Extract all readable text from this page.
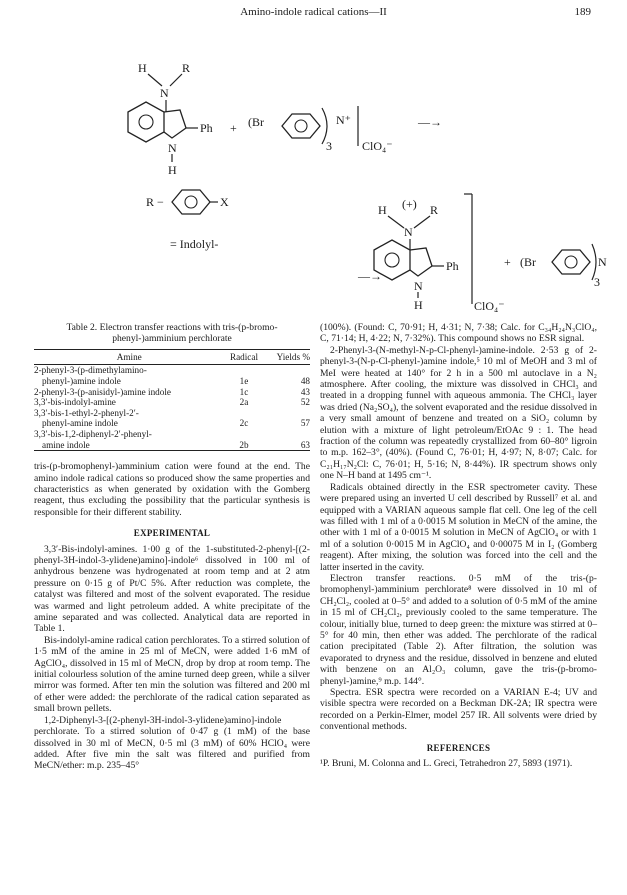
Amino-indole radical cations—II	189
H	R
N
Ph
N
H
+ (Br
3
N⁺
ClO₄⁻
—→
R −	X
= Indolyl-
—→
H (+) R
N
Ph
N
H	ClO₄⁻
+ (Br
3
N
Table 2. Electron transfer reactions with tris-(p-bromo-
phenyl-)amminium perchlorate
Amine	Radical	Yields %
2-phenyl-3-(p-dimethylamino-		
phenyl-)amine indole	1e	48
2-phenyl-3-(p-anisidyl-)amine indole	1c	43
3,3′-bis-indolyl-amine	2a	52
3,3′-bis-1-ethyl-2-phenyl-2′-		
phenyl-amine indole	2c	57
3,3′-bis-1,2-diphenyl-2′-phenyl-		
amine indole	2b	63

tris-(p-bromophenyl-)amminium cation were found at the end. The amino indole radical cations so produced show the same properties and characteristics as when generated by oxidation with the Gomberg reagent, thus excluding the possibility that the particular synthesis is responsible for their different stability.

EXPERIMENTAL

3,3′-Bis-indolyl-amines. 1·00 g of the 1-substituted-2-phenyl-[(2-phenyl-3H-indol-3-ylidene)amino]-indole⁶ dissolved in 100 ml of anhydrous benzene was hydrogenated at room temp and at 2 atm pressure on 0·15 g of Pt/C 5%. After reduction was complete, the catalyst was filtered and most of the solvent evaporated. The residue was warmed and light petroleum added. A white precipitate of the amine separated and was collected. Analytical data are reported in Table 1.

Bis-indolyl-amine radical cation perchlorates. To a stirred solution of 1·5 mM of the amine in 25 ml of MeCN, were added 1·6 mM of AgClO₄, dissolved in 15 ml of MeCN, drop by drop at room temp. The initial colourless solution of the amine turned deep green, while a silver mirror was formed. After ten min the solution was filtered and 200 ml of ether were added: the perchlorate of the radical cation separated as small brown pellets.

1,2-Diphenyl-3-[(2-phenyl-3H-indol-3-ylidene)amino]-indole perchlorate. To a stirred solution of 0·47 g (1 mM) of the base dissolved in 30 ml of MeCN, 0·5 ml (3 mM) of 60% HClO₄ were added. After five min the salt was filtered and purified from MeCN/ether: m.p. 235–45°

(100%). (Found: C, 70·91; H, 4·31; N, 7·38; Calc. for C₃₄H₂₄N₃ClO₄, C, 71·14; H, 4·22; N, 7·32%). This compound shows no ESR signal.

2-Phenyl-3-(N-methyl-N-p-Cl-phenyl-)amine-indole. 2·53 g of 2-phenyl-3-(N-p-Cl-phenyl-)amine indole,⁵ 10 ml of MeOH and 3 ml of MeI were heated at 140° for 2 h in a 500 ml autoclave in a N₂ atmosphere. After cooling, the mixture was dissolved in CHCl₃ and treated in a dropping funnel with aqueous ammonia. The CHCl₃ layer was dried (Na₂SO₄), the solvent evaporated and the residue dissolved in a very small amount of benzene and treated on a SiO₂ column by elution with a mixture of light petroleum/EtOAc 9 : 1. The head fraction of the column was repeatedly crystallized from 60–80° ligroin to m.p. 162–3°, (40%). (Found C, 76·01; H, 4·97; N, 8·07; Calc. for C₂₁H₁₇N₂Cl: C, 76·01; H, 5·16; N, 8·44%). IR spectrum shows only one N–H band at 1495 cm⁻¹.

Radicals obtained directly in the ESR spectrometer cavity. These were prepared using an inverted U cell described by Russell⁷ et al. and equipped with a VARIAN aqueous sample flat cell. One leg of the cell was filled with 1 ml of a 0·0015 M solution in MeCN of the amine, the other with 1 ml of a 0·0015 M solution in MeCN of AgClO₄ or with 1 ml of a solution 0·0015 M in AgClO₄ and 0·00075 M in I₂ (Gomberg reagent). After mixing, the solution was forced into the cell and the latter inserted in the cavity.

Electron transfer reactions. 0·5 mM of the tris-(p-bromophenyl-)amminium perchlorate⁸ were dissolved in 10 ml of CH₂Cl₂, cooled at 0–5° and added to a solution of 0·5 mM of the amine in 15 ml of CH₂Cl₂, previously cooled to the same temperature. The colour, initially blue, turned to deep green: the mixture was stirred at 0–5° for 40 min, then ether was added. The perchlorate of the radical cation precipitated (Table 2). After filtration, the solution was evaporated to dryness and the residue, dissolved in benzene and eluted with benzene on an Al₂O₃ column, gave the tris-(p-bromo-phenyl-)amine,⁹ m.p. 144°.

Spectra. ESR spectra were recorded on a VARIAN E-4; UV and visible spectra were recorded on a Beckman DK-2A; IR spectra were recorded on a Perkin-Elmer, model 257 IR. All solvents were dried by conventional methods.

REFERENCES

¹P. Bruni, M. Colonna and L. Greci, Tetrahedron 27, 5893 (1971).
